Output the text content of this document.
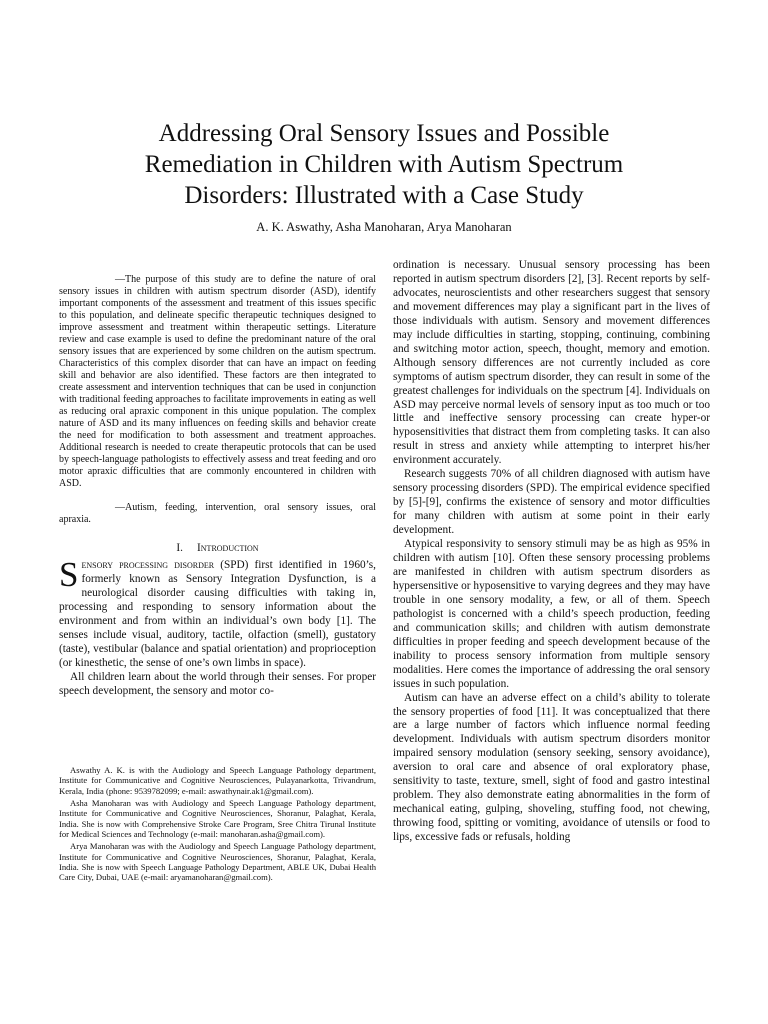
Addressing Oral Sensory Issues and Possible
Remediation in Children with Autism Spectrum
Disorders: Illustrated with a Case Study
A. K. Aswathy, Asha Manoharan, Arya Manoharan

—The purpose of this study are to define the nature of oral sensory issues in children with autism spectrum disorder (ASD), identify important components of the assessment and treatment of this issues specific to this population, and delineate specific therapeutic techniques designed to improve assessment and treatment within therapeutic settings. Literature review and case example is used to define the predominant nature of the oral sensory issues that are experienced by some children on the autism spectrum. Characteristics of this complex disorder that can have an impact on feeding skill and behavior are also identified. These factors are then integrated to create assessment and intervention techniques that can be used in conjunction with traditional feeding approaches to facilitate improvements in eating as well as reducing oral apraxic component in this unique population. The complex nature of ASD and its many influences on feeding skills and behavior create the need for modification to both assessment and treatment approaches. Additional research is needed to create therapeutic protocols that can be used by speech-language pathologists to effectively assess and treat feeding and oro motor apraxic difficulties that are commonly encountered in children with ASD.

—Autism, feeding, intervention, oral sensory issues, oral apraxia.

I. Introduction

Sensory processing disorder (SPD) first identified in 1960’s, formerly known as Sensory Integration Dysfunction, is a neurological disorder causing difficulties with taking in, processing and responding to sensory information about the environment and from within an individual’s own body [1]. The senses include visual, auditory, tactile, olfaction (smell), gustatory (taste), vestibular (balance and spatial orientation) and proprioception (or kinesthetic, the sense of one’s own limbs in space).

All children learn about the world through their senses. For proper speech development, the sensory and motor co-

Aswathy A. K. is with the Audiology and Speech Language Pathology department, Institute for Communicative and Cognitive Neurosciences, Pulayanarkotta, Trivandrum, Kerala, India (phone: 9539782099; e-mail: aswathynair.ak1@gmail.com).

Asha Manoharan was with Audiology and Speech Language Pathology department, Institute for Communicative and Cognitive Neurosciences, Shoranur, Palaghat, Kerala, India. She is now with Comprehensive Stroke Care Program, Sree Chitra Tirunal Institute for Medical Sciences and Technology (e-mail: manoharan.asha@gmail.com).

Arya Manoharan was with the Audiology and Speech Language Pathology department, Institute for Communicative and Cognitive Neurosciences, Shoranur, Palaghat, Kerala, India. She is now with Speech Language Pathology Department, ABLE UK, Dubai Health Care City, Dubai, UAE (e-mail: aryamanoharan@gmail.com).

ordination is necessary. Unusual sensory processing has been reported in autism spectrum disorders [2], [3]. Recent reports by self-advocates, neuroscientists and other researchers suggest that sensory and movement differences may play a significant part in the lives of those individuals with autism. Sensory and movement differences may include difficulties in starting, stopping, continuing, combining and switching motor action, speech, thought, memory and emotion. Although sensory differences are not currently included as core symptoms of autism spectrum disorder, they can result in some of the greatest challenges for individuals on the spectrum [4]. Individuals on ASD may perceive normal levels of sensory input as too much or too little and ineffective sensory processing can create hyper-or hyposensitivities that distract them from completing tasks. It can also result in stress and anxiety while attempting to interpret his/her environment accurately.

Research suggests 70% of all children diagnosed with autism have sensory processing disorders (SPD). The empirical evidence specified by [5]-[9], confirms the existence of sensory and motor difficulties for many children with autism at some point in their early development.

Atypical responsivity to sensory stimuli may be as high as 95% in children with autism [10]. Often these sensory processing problems are manifested in children with autism spectrum disorders as hypersensitive or hyposensitive to varying degrees and they may have trouble in one sensory modality, a few, or all of them. Speech pathologist is concerned with a child’s speech production, feeding and communication skills; and children with autism demonstrate difficulties in proper feeding and speech development because of the inability to process sensory information from multiple sensory modalities. Here comes the importance of addressing the oral sensory issues in such population.

Autism can have an adverse effect on a child’s ability to tolerate the sensory properties of food [11]. It was conceptualized that there are a large number of factors which influence normal feeding development. Individuals with autism spectrum disorders monitor impaired sensory modulation (sensory seeking, sensory avoidance), aversion to oral care and absence of oral exploratory phase, sensitivity to taste, texture, smell, sight of food and gastro intestinal problem. They also demonstrate eating abnormalities in the form of mechanical eating, gulping, shoveling, stuffing food, not chewing, throwing food, spitting or vomiting, avoidance of utensils or food to lips, excessive fads or refusals, holding
